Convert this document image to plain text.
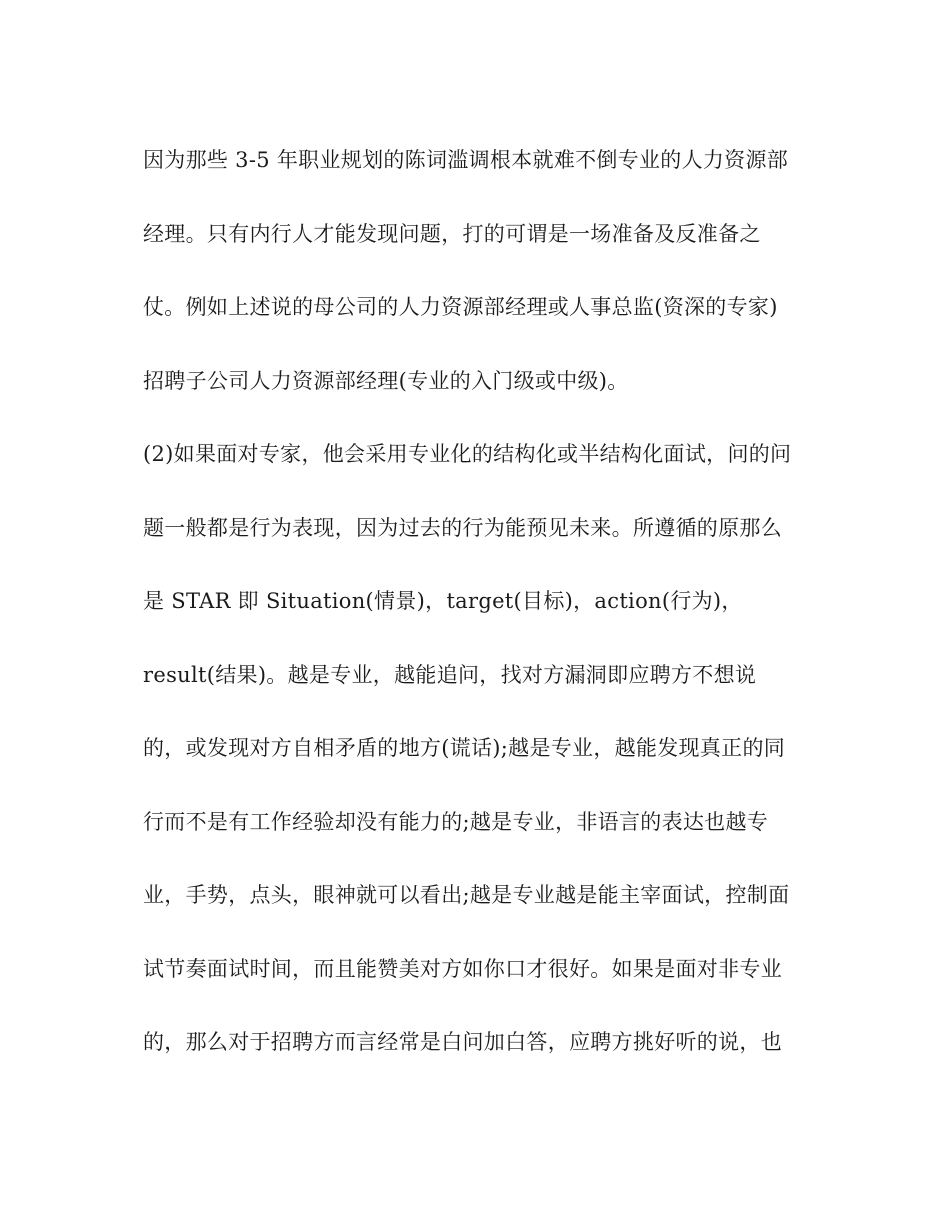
因为那些 3-5 年职业规划的陈词滥调根本就难不倒专业的人力资源部
经理。只有内行人才能发现问题，打的可谓是一场准备及反准备之
仗。例如上述说的母公司的人力资源部经理或人事总监(资深的专家)
招聘子公司人力资源部经理(专业的入门级或中级)。
(2)如果面对专家，他会采用专业化的结构化或半结构化面试，问的问
题一般都是行为表现，因为过去的行为能预见未来。所遵循的原那么
是 STAR 即 Situation(情景)，target(目标)，action(行为)，
result(结果)。越是专业，越能追问，找对方漏洞即应聘方不想说
的，或发现对方自相矛盾的地方(谎话);越是专业，越能发现真正的同
行而不是有工作经验却没有能力的;越是专业，非语言的表达也越专
业，手势，点头，眼神就可以看出;越是专业越是能主宰面试，控制面
试节奏面试时间，而且能赞美对方如你口才很好。如果是面对非专业
的，那么对于招聘方而言经常是白问加白答，应聘方挑好听的说，也
